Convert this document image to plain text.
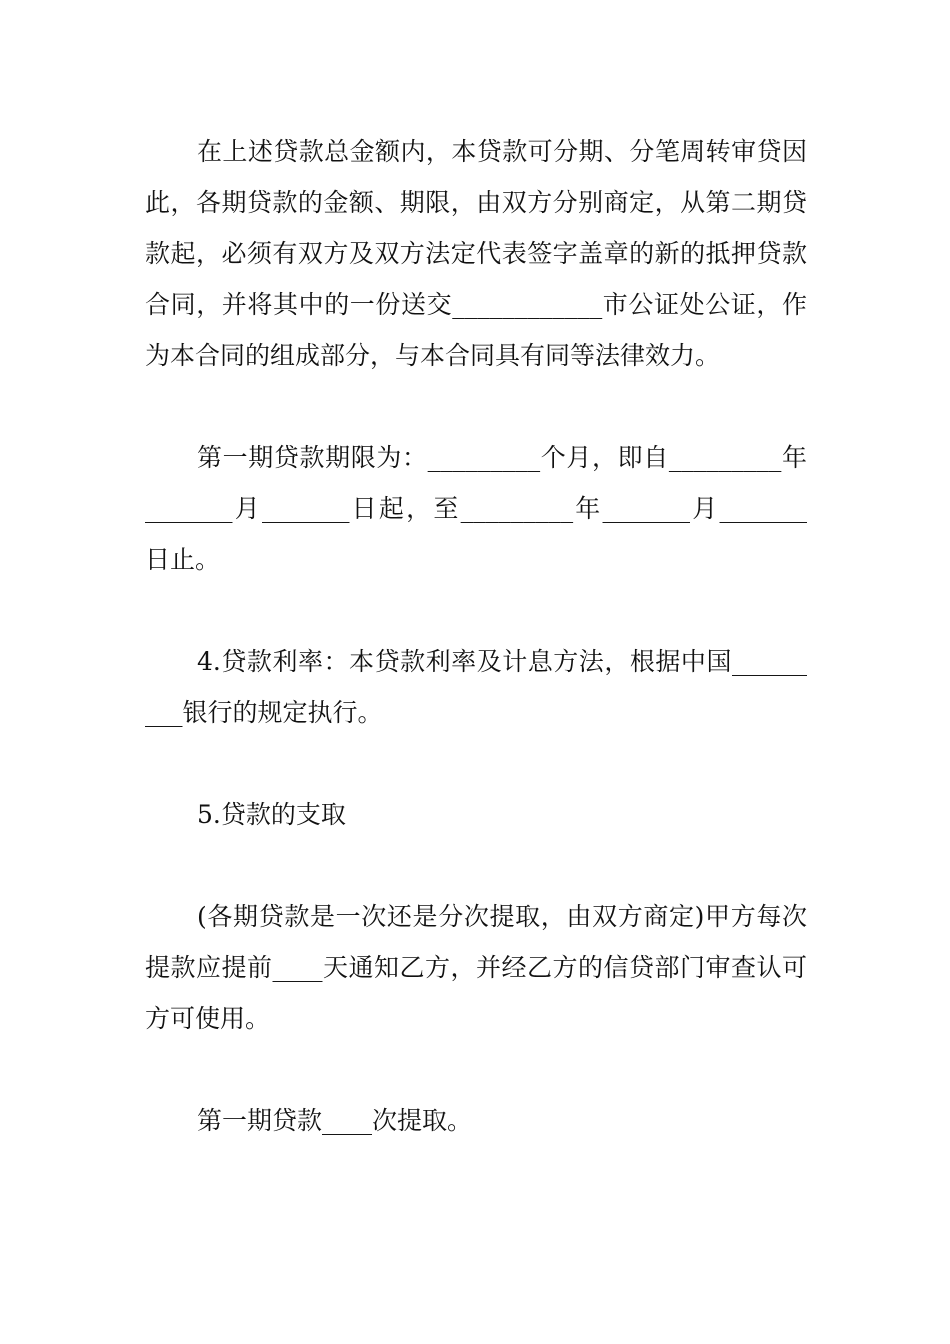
在上述贷款总金额内，本贷款可分期、分笔周转审贷因此，各期贷款的金额、期限，由双方分别商定，从第二期贷款起，必须有双方及双方法定代表签字盖章的新的抵押贷款合同，并将其中的一份送交____________市公证处公证，作为本合同的组成部分，与本合同具有同等法律效力。

第一期贷款期限为：_________个月，即自_________年_______月_______日起，至_________年_______月_______日止。

4.贷款利率：本贷款利率及计息方法，根据中国_________银行的规定执行。

5.贷款的支取

(各期贷款是一次还是分次提取，由双方商定)甲方每次提款应提前____天通知乙方，并经乙方的信贷部门审查认可方可使用。

第一期贷款____次提取。
